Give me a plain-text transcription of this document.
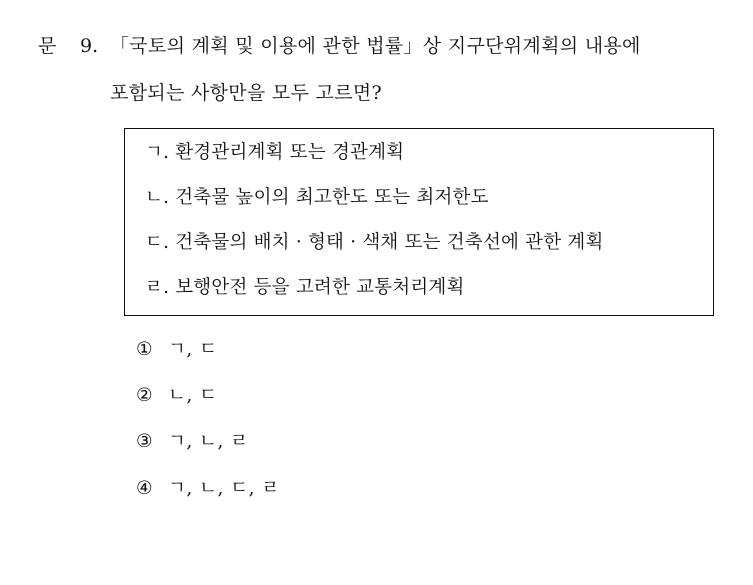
문 9. 「국토의 계획 및 이용에 관한 법률」상 지구단위계획의 내용에
포함되는 사항만을 모두 고르면?
ㄱ. 환경관리계획 또는 경관계획
ㄴ. 건축물 높이의 최고한도 또는 최저한도
ㄷ. 건축물의 배치 · 형태 · 색채 또는 건축선에 관한 계획
ㄹ. 보행안전 등을 고려한 교통처리계획
① ㄱ, ㄷ
② ㄴ, ㄷ
③ ㄱ, ㄴ, ㄹ
④ ㄱ, ㄴ, ㄷ, ㄹ
